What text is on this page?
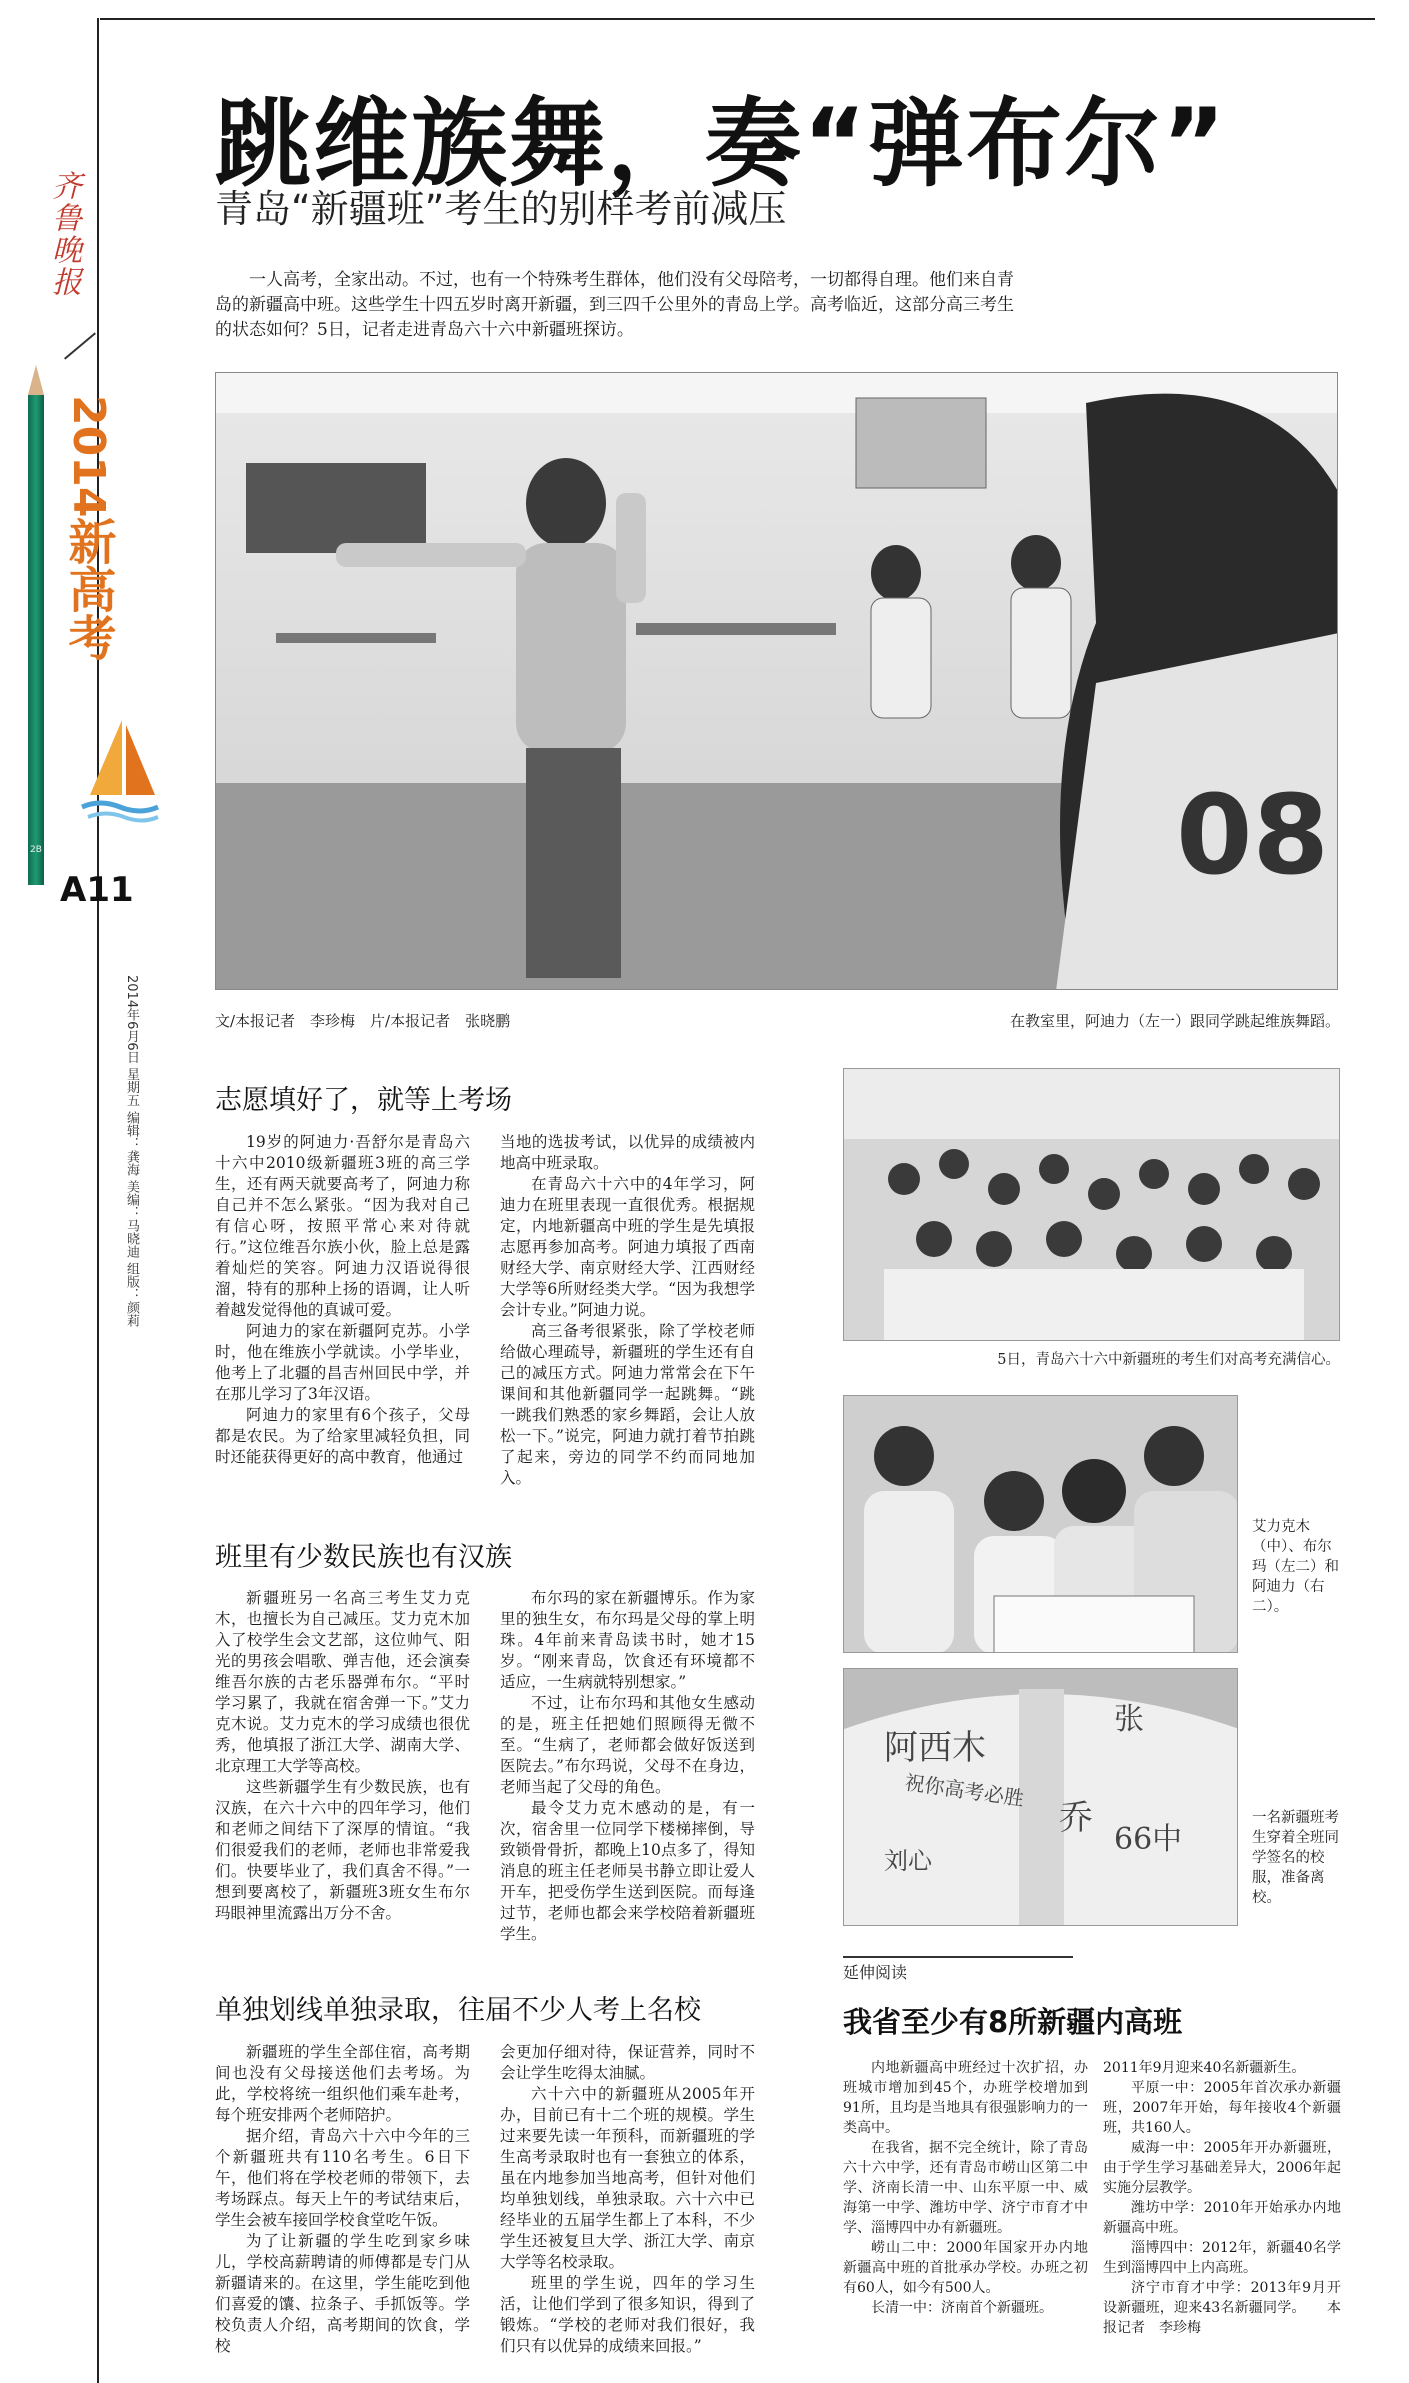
齐鲁晚报
2B
2014
新高考
A11
2014年6月6日 星期五 编辑：龚海 美编：马晓迪 组版：颜莉
跳维族舞，奏“弹布尔”
青岛“新疆班”考生的别样考前减压
一人高考，全家出动。不过，也有一个特殊考生群体，他们没有父母陪考，一切都得自理。他们来自青岛的新疆高中班。这些学生十四五岁时离开新疆，到三四千公里外的青岛上学。高考临近，这部分高三考生的状态如何？5日，记者走进青岛六十六中新疆班探访。
08
文/本报记者　李珍梅　片/本报记者　张晓鹏	在教室里，阿迪力（左一）跟同学跳起维族舞蹈。
志愿填好了，就等上考场

19岁的阿迪力·吾舒尔是青岛六十六中2010级新疆班3班的高三学生，还有两天就要高考了，阿迪力称自己并不怎么紧张。“因为我对自己有信心呀，按照平常心来对待就行。”这位维吾尔族小伙，脸上总是露着灿烂的笑容。阿迪力汉语说得很溜，特有的那种上扬的语调，让人听着越发觉得他的真诚可爱。

阿迪力的家在新疆阿克苏。小学时，他在维族小学就读。小学毕业，他考上了北疆的昌吉州回民中学，并在那儿学习了3年汉语。

阿迪力的家里有6个孩子，父母都是农民。为了给家里减轻负担，同时还能获得更好的高中教育，他通过

当地的选拔考试，以优异的成绩被内地高中班录取。

在青岛六十六中的4年学习，阿迪力在班里表现一直很优秀。根据规定，内地新疆高中班的学生是先填报志愿再参加高考。阿迪力填报了西南财经大学、南京财经大学、江西财经大学等6所财经类大学。“因为我想学会计专业。”阿迪力说。

高三备考很紧张，除了学校老师给做心理疏导，新疆班的学生还有自己的减压方式。阿迪力常常会在下午课间和其他新疆同学一起跳舞。“跳一跳我们熟悉的家乡舞蹈，会让人放松一下。”说完，阿迪力就打着节拍跳了起来，旁边的同学不约而同地加入。

班里有少数民族也有汉族

新疆班另一名高三考生艾力克木，也擅长为自己减压。艾力克木加入了校学生会文艺部，这位帅气、阳光的男孩会唱歌、弹吉他，还会演奏维吾尔族的古老乐器弹布尔。“平时学习累了，我就在宿舍弹一下。”艾力克木说。艾力克木的学习成绩也很优秀，他填报了浙江大学、湖南大学、北京理工大学等高校。

这些新疆学生有少数民族，也有汉族，在六十六中的四年学习，他们和老师之间结下了深厚的情谊。“我们很爱我们的老师，老师也非常爱我们。快要毕业了，我们真舍不得。”一想到要离校了，新疆班3班女生布尔玛眼神里流露出万分不舍。

布尔玛的家在新疆博乐。作为家里的独生女，布尔玛是父母的掌上明珠。4年前来青岛读书时，她才15岁。“刚来青岛，饮食还有环境都不适应，一生病就特别想家。”

不过，让布尔玛和其他女生感动的是，班主任把她们照顾得无微不至。“生病了，老师都会做好饭送到医院去。”布尔玛说，父母不在身边，老师当起了父母的角色。

最令艾力克木感动的是，有一次，宿舍里一位同学下楼梯摔倒，导致锁骨骨折，都晚上10点多了，得知消息的班主任老师吴书静立即让爱人开车，把受伤学生送到医院。而每逢过节，老师也都会来学校陪着新疆班学生。

单独划线单独录取，往届不少人考上名校

新疆班的学生全部住宿，高考期间也没有父母接送他们去考场。为此，学校将统一组织他们乘车赴考，每个班安排两个老师陪护。

据介绍，青岛六十六中今年的三个新疆班共有110名考生。6日下午，他们将在学校老师的带领下，去考场踩点。每天上午的考试结束后，学生会被车接回学校食堂吃午饭。

为了让新疆的学生吃到家乡味儿，学校高薪聘请的师傅都是专门从新疆请来的。在这里，学生能吃到他们喜爱的馕、拉条子、手抓饭等。学校负责人介绍，高考期间的饮食，学校

会更加仔细对待，保证营养，同时不会让学生吃得太油腻。

六十六中的新疆班从2005年开办，目前已有十二个班的规模。学生过来要先读一年预科，而新疆班的学生高考录取时也有一套独立的体系，虽在内地参加当地高考，但针对他们均单独划线，单独录取。六十六中已经毕业的五届学生都上了本科，不少学生还被复旦大学、浙江大学、南京大学等名校录取。

班里的学生说，四年的学习生活，让他们学到了很多知识，得到了锻炼。“学校的老师对我们很好，我们只有以优异的成绩来回报。”

5日，青岛六十六中新疆班的考生们对高考充满信心。
艾力克木（中）、布尔玛（左二）和阿迪力（右二）。
阿西木
祝你高考必胜
张
乔
66中
刘心
一名新疆班考生穿着全班同学签名的校服，准备离校。
延伸阅读
我省至少有8所新疆内高班

内地新疆高中班经过十次扩招，办班城市增加到45个，办班学校增加到91所，且均是当地具有很强影响力的一类高中。

在我省，据不完全统计，除了青岛六十六中学，还有青岛市崂山区第二中学、济南长清一中、山东平原一中、威海第一中学、潍坊中学、济宁市育才中学、淄博四中办有新疆班。

崂山二中：2000年国家开办内地新疆高中班的首批承办学校。办班之初有60人，如今有500人。

长清一中：济南首个新疆班。

2011年9月迎来40名新疆新生。

平原一中：2005年首次承办新疆班，2007年开始，每年接收4个新疆班，共160人。

威海一中：2005年开办新疆班，由于学生学习基础差异大，2006年起实施分层教学。

潍坊中学：2010年开始承办内地新疆高中班。

淄博四中：2012年，新疆40名学生到淄博四中上内高班。

济宁市育才中学：2013年9月开设新疆班，迎来43名新疆同学。　　本报记者　李珍梅
